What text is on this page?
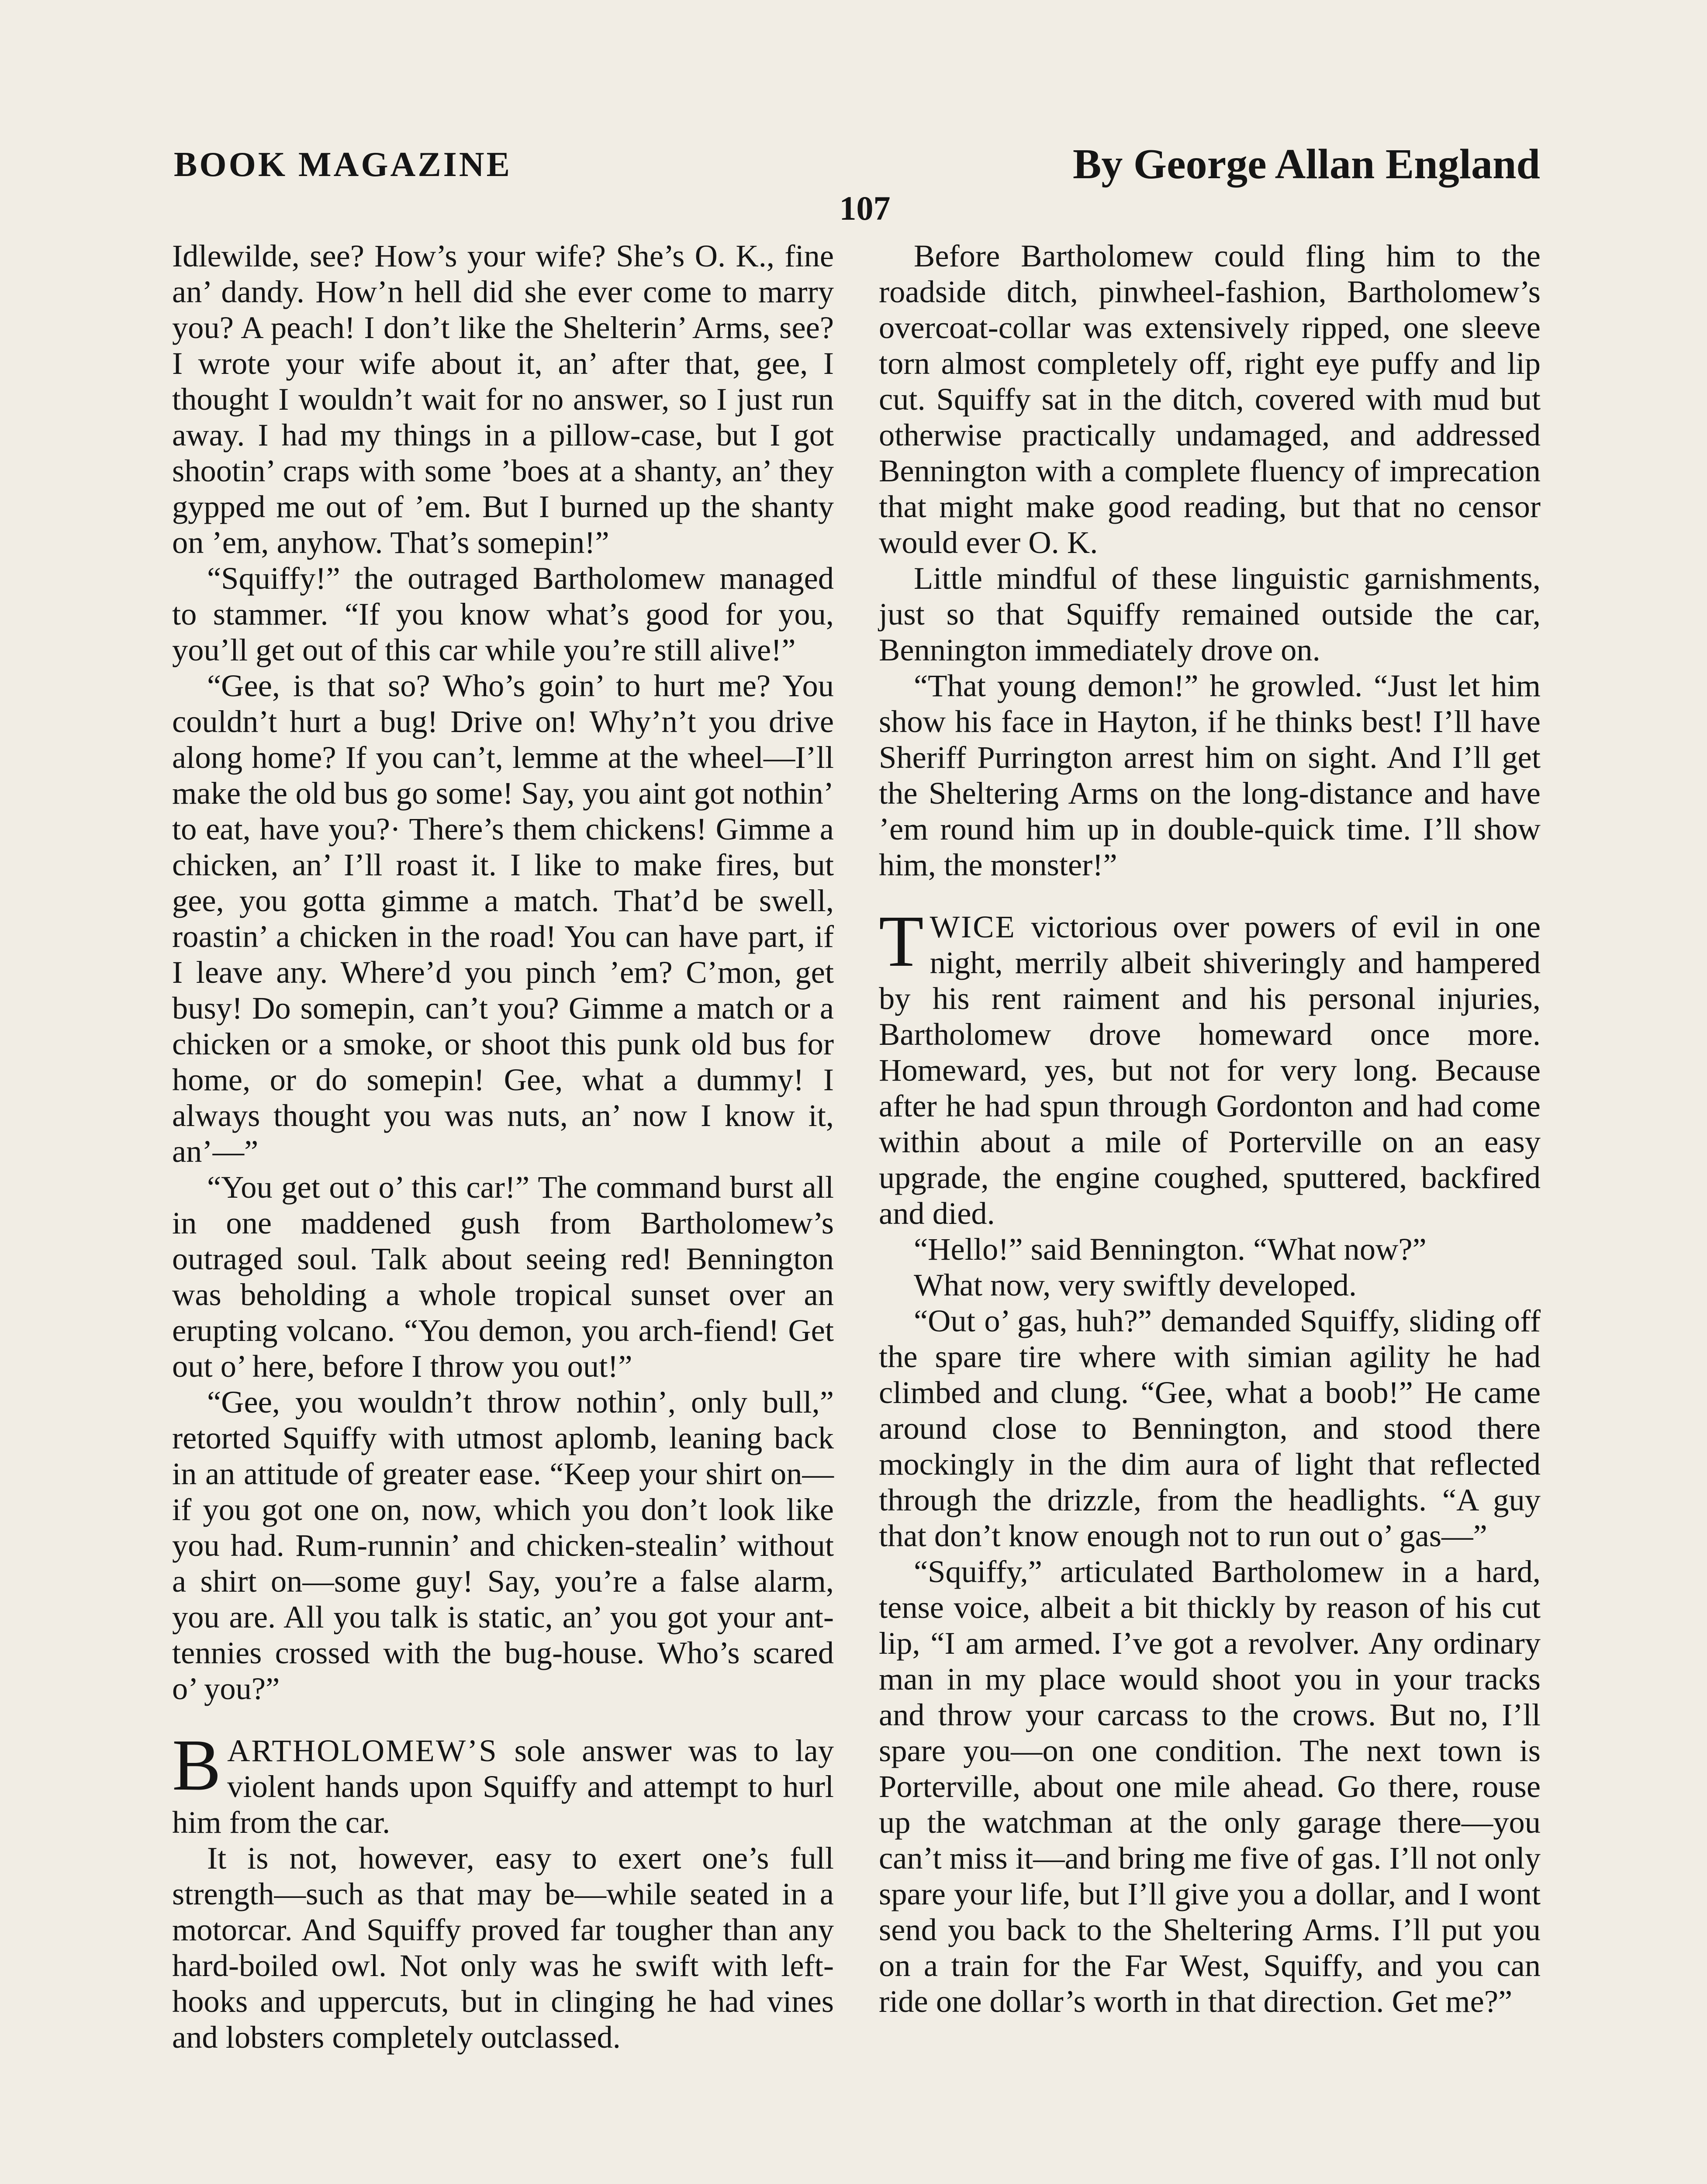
BOOK MAGAZINE	By George Allan England
107

Idlewilde, see? How’s your wife? She’s O. K., fine an’ dandy. How’n hell did she ever come to marry you? A peach! I don’t like the Shelterin’ Arms, see? I wrote your wife about it, an’ after that, gee, I thought I wouldn’t wait for no answer, so I just run away. I had my things in a pillow-case, but I got shootin’ craps with some ’boes at a shanty, an’ they gypped me out of ’em. But I burned up the shanty on ’em, anyhow. That’s somepin!”

“Squiffy!” the outraged Bartholomew managed to stammer. “If you know what’s good for you, you’ll get out of this car while you’re still alive!”

“Gee, is that so? Who’s goin’ to hurt me? You couldn’t hurt a bug! Drive on! Why’n’t you drive along home? If you can’t, lemme at the wheel—I’ll make the old bus go some! Say, you aint got nothin’ to eat, have you?· There’s them chickens! Gimme a chicken, an’ I’ll roast it. I like to make fires, but gee, you gotta gimme a match. That’d be swell, roastin’ a chicken in the road! You can have part, if I leave any. Where’d you pinch ’em? C’mon, get busy! Do somepin, can’t you? Gimme a match or a chicken or a smoke, or shoot this punk old bus for home, or do somepin! Gee, what a dummy! I always thought you was nuts, an’ now I know it, an’—”

“You get out o’ this car!” The command burst all in one maddened gush from Bartholomew’s outraged soul. Talk about seeing red! Bennington was beholding a whole tropical sunset over an erupting volcano. “You demon, you arch-fiend! Get out o’ here, before I throw you out!”

“Gee, you wouldn’t throw nothin’, only bull,” retorted Squiffy with utmost aplomb, leaning back in an attitude of greater ease. “Keep your shirt on—if you got one on, now, which you don’t look like you had. Rum-runnin’ and chicken-stealin’ without a shirt on—some guy! Say, you’re a false alarm, you are. All you talk is static, an’ you got your ant-tennies crossed with the bug-house. Who’s scared o’ you?”

BARTHOLOMEW’S sole answer was to lay violent hands upon Squiffy and attempt to hurl him from the car.

It is not, however, easy to exert one’s full strength—such as that may be—while seated in a motorcar. And Squiffy proved far tougher than any hard-boiled owl. Not only was he swift with left-hooks and uppercuts, but in clinging he had vines and lobsters completely outclassed.

Before Bartholomew could fling him to the roadside ditch, pinwheel-fashion, Bartholomew’s overcoat-collar was extensively ripped, one sleeve torn almost completely off, right eye puffy and lip cut. Squiffy sat in the ditch, covered with mud but otherwise practically undamaged, and addressed Bennington with a complete fluency of imprecation that might make good reading, but that no censor would ever O. K.

Little mindful of these linguistic garnishments, just so that Squiffy remained outside the car, Bennington immediately drove on.

“That young demon!” he growled. “Just let him show his face in Hayton, if he thinks best! I’ll have Sheriff Purrington arrest him on sight. And I’ll get the Sheltering Arms on the long-distance and have ’em round him up in double-quick time. I’ll show him, the monster!”

TWICE victorious over powers of evil in one night, merrily albeit shiveringly and hampered by his rent raiment and his personal injuries, Bartholomew drove homeward once more. Homeward, yes, but not for very long. Because after he had spun through Gordonton and had come within about a mile of Porterville on an easy upgrade, the engine coughed, sputtered, backfired and died.

“Hello!” said Bennington. “What now?”

What now, very swiftly developed.

“Out o’ gas, huh?” demanded Squiffy, sliding off the spare tire where with simian agility he had climbed and clung. “Gee, what a boob!” He came around close to Bennington, and stood there mockingly in the dim aura of light that reflected through the drizzle, from the headlights. “A guy that don’t know enough not to run out o’ gas—”

“Squiffy,” articulated Bartholomew in a hard, tense voice, albeit a bit thickly by reason of his cut lip, “I am armed. I’ve got a revolver. Any ordinary man in my place would shoot you in your tracks and throw your carcass to the crows. But no, I’ll spare you—on one condition. The next town is Porterville, about one mile ahead. Go there, rouse up the watchman at the only garage there—you can’t miss it—and bring me five of gas. I’ll not only spare your life, but I’ll give you a dollar, and I wont send you back to the Sheltering Arms. I’ll put you on a train for the Far West, Squiffy, and you can ride one dollar’s worth in that direction. Get me?”
